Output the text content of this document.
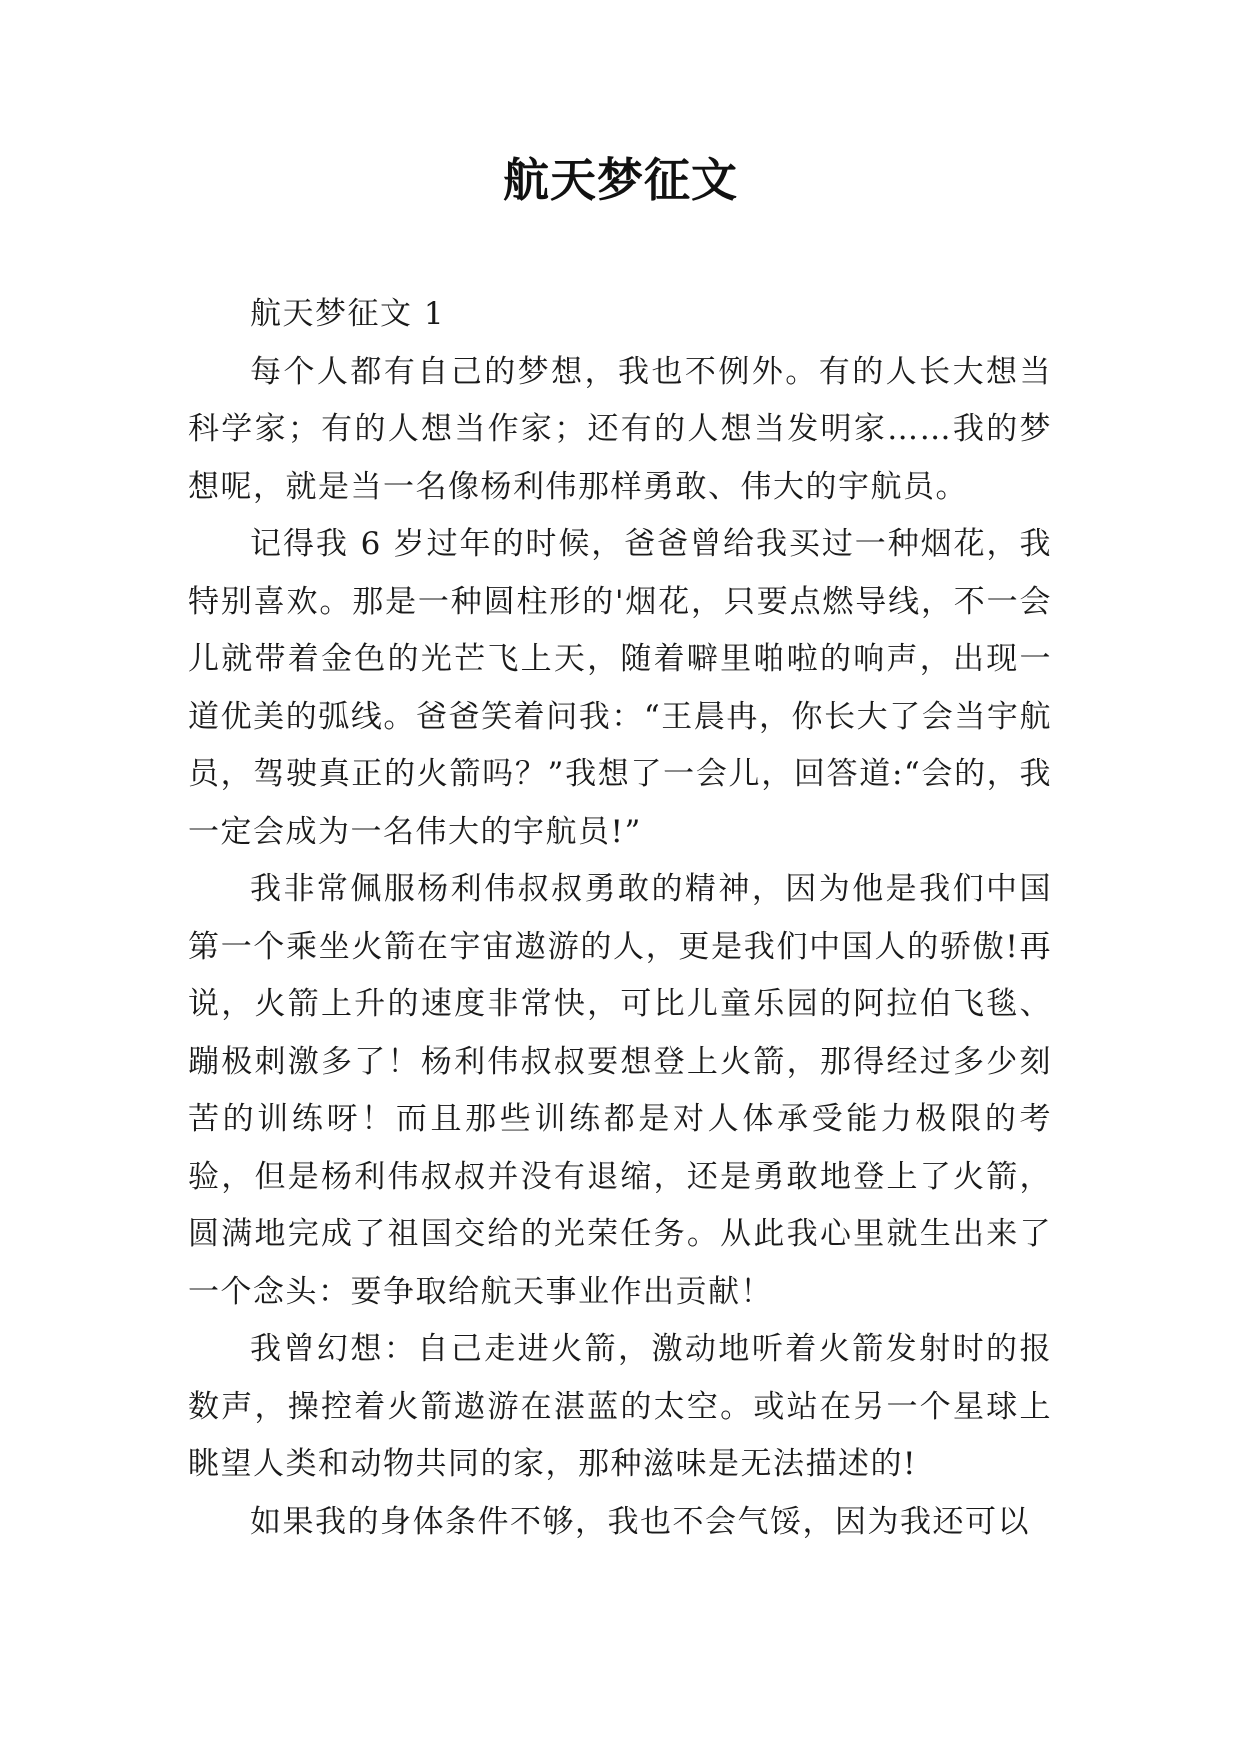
航天梦征文

航天梦征文 1

每个人都有自己的梦想，我也不例外。有的人长大想当科学家；有的人想当作家；还有的人想当发明家……我的梦想呢，就是当一名像杨利伟那样勇敢、伟大的宇航员。

记得我 6 岁过年的时候，爸爸曾给我买过一种烟花，我特别喜欢。那是一种圆柱形的'烟花，只要点燃导线，不一会儿就带着金色的光芒飞上天，随着噼里啪啦的响声，出现一道优美的弧线。爸爸笑着问我：“王晨冉，你长大了会当宇航员，驾驶真正的火箭吗？”我想了一会儿，回答道:“会的，我一定会成为一名伟大的宇航员!”

我非常佩服杨利伟叔叔勇敢的精神，因为他是我们中国第一个乘坐火箭在宇宙遨游的人，更是我们中国人的骄傲!再说，火箭上升的速度非常快，可比儿童乐园的阿拉伯飞毯、蹦极刺激多了！杨利伟叔叔要想登上火箭，那得经过多少刻苦的训练呀！而且那些训练都是对人体承受能力极限的考验，但是杨利伟叔叔并没有退缩，还是勇敢地登上了火箭，圆满地完成了祖国交给的光荣任务。从此我心里就生出来了一个念头：要争取给航天事业作出贡献！

我曾幻想：自己走进火箭，激动地听着火箭发射时的报数声，操控着火箭遨游在湛蓝的太空。或站在另一个星球上眺望人类和动物共同的家，那种滋味是无法描述的!

如果我的身体条件不够，我也不会气馁，因为我还可以
